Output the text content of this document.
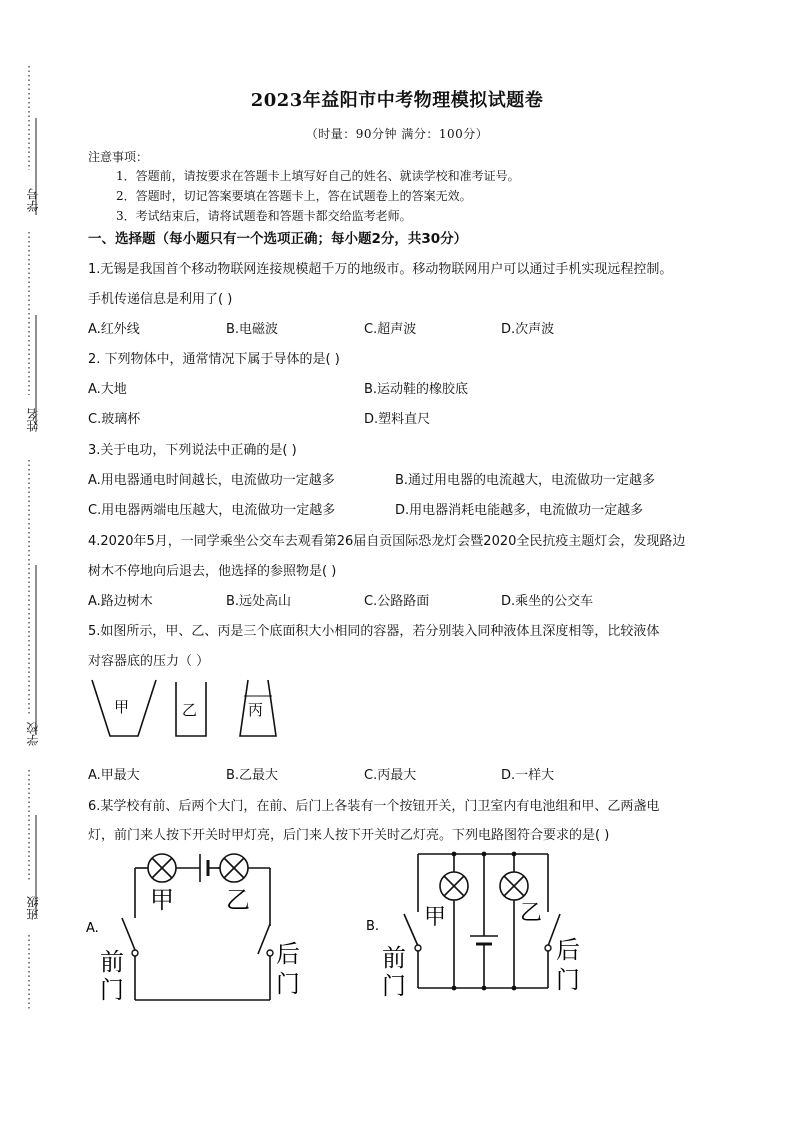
学号
姓名
学校
班级
2023年益阳市中考物理模拟试题卷
（时量：90分钟 满分：100分）
注意事项：
1．答题前，请按要求在答题卡上填写好自己的姓名、就读学校和准考证号。
2．答题时，切记答案要填在答题卡上，答在试题卷上的答案无效。
3．考试结束后，请将试题卷和答题卡都交给监考老师。
一、选择题（每小题只有一个选项正确；每小题2分，共30分）
1.无锡是我国首个移动物联网连接规模超千万的地级市。移动物联网用户可以通过手机实现远程控制。
手机传递信息是利用了( )
A.红外线	B.电磁波	C.超声波	D.次声波
2. 下列物体中，通常情况下属于导体的是( )
A.大地	B.运动鞋的橡胶底
C.玻璃杯	D.塑料直尺
3.关于电功，下列说法中正确的是( )
A.用电器通电时间越长，电流做功一定越多	B.通过用电器的电流越大，电流做功一定越多
C.用电器两端电压越大，电流做功一定越多	D.用电器消耗电能越多，电流做功一定越多
4.2020年5月，一同学乘坐公交车去观看第26届自贡国际恐龙灯会暨2020全民抗疫主题灯会，发现路边
树木不停地向后退去，他选择的参照物是( )
A.路边树木	B.远处高山	C.公路路面	D.乘坐的公交车
5.如图所示，甲、乙、丙是三个底面积大小相同的容器，若分别装入同种液体且深度相等，比较液体
对容器底的压力（ ）
甲	乙	丙
A.甲最大	B.乙最大	C.丙最大	D.一样大
6.某学校有前、后两个大门，在前、后门上各装有一个按钮开关，门卫室内有电池组和甲、乙两盏电
灯，前门来人按下开关时甲灯亮，后门来人按下开关时乙灯亮。下列电路图符合要求的是( )
甲 乙
A.
前
门
后
门
甲	乙
B.
前
门
后
门
